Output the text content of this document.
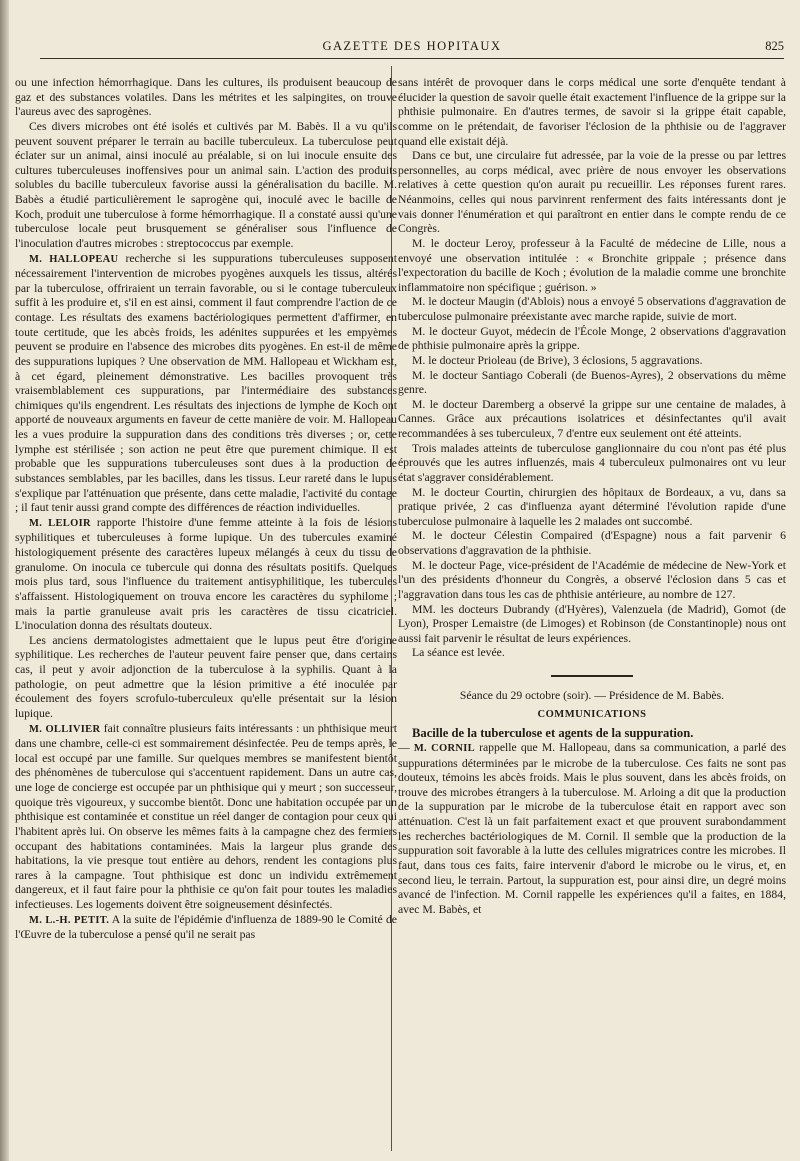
GAZETTE DES HOPITAUX	825

ou une infection hémorrhagique. Dans les cultures, ils produisent beaucoup de gaz et des substances volatiles. Dans les métrites et les salpingites, on trouve l'aureus avec des saprogènes.

Ces divers microbes ont été isolés et cultivés par M. Babès. Il a vu qu'ils peuvent souvent préparer le terrain au bacille tuberculeux. La tuberculose peut éclater sur un animal, ainsi inoculé au préalable, si on lui inocule ensuite des cultures tuberculeuses inoffensives pour un animal sain. L'action des produits solubles du bacille tuberculeux favorise aussi la généralisation du bacille. M. Babès a étudié particulièrement le saprogène qui, inoculé avec le bacille de Koch, produit une tuberculose à forme hémorrhagique. Il a constaté aussi qu'une tuberculose locale peut brusquement se généraliser sous l'influence de l'inoculation d'autres microbes : streptococcus par exemple.

M. HALLOPEAU recherche si les suppurations tuberculeuses supposent nécessairement l'intervention de microbes pyogènes auxquels les tissus, altérés par la tuberculose, offriraient un terrain favorable, ou si le contage tuberculeux suffit à les produire et, s'il en est ainsi, comment il faut comprendre l'action de ce contage. Les résultats des examens bactériologiques permettent d'affirmer, en toute certitude, que les abcès froids, les adénites suppurées et les empyèmes peuvent se produire en l'absence des microbes dits pyogènes. En est-il de même des suppurations lupiques ? Une observation de MM. Hallopeau et Wickham est, à cet égard, pleinement démonstrative. Les bacilles provoquent très vraisemblablement ces suppurations, par l'intermédiaire des substances chimiques qu'ils engendrent. Les résultats des injections de lymphe de Koch ont apporté de nouveaux arguments en faveur de cette manière de voir. M. Hallopeau les a vues produire la suppuration dans des conditions très diverses ; or, cette lymphe est stérilisée ; son action ne peut être que purement chimique. Il est probable que les suppurations tuberculeuses sont dues à la production de substances semblables, par les bacilles, dans les tissus. Leur rareté dans le lupus s'explique par l'atténuation que présente, dans cette maladie, l'activité du contage ; il faut tenir aussi grand compte des différences de réaction individuelles.

M. LELOIR rapporte l'histoire d'une femme atteinte à la fois de lésions syphilitiques et tuberculeuses à forme lupique. Un des tubercules examiné histologiquement présente des caractères lupeux mélangés à ceux du tissu de granulome. On inocula ce tubercule qui donna des résultats positifs. Quelques mois plus tard, sous l'influence du traitement antisyphilitique, les tubercules s'affaissent. Histologiquement on trouva encore les caractères du syphilome ; mais la partie granuleuse avait pris les caractères de tissu cicatriciel. L'inoculation donna des résultats douteux.

Les anciens dermatologistes admettaient que le lupus peut être d'origine syphilitique. Les recherches de l'auteur peuvent faire penser que, dans certains cas, il peut y avoir adjonction de la tuberculose à la syphilis. Quant à la pathologie, on peut admettre que la lésion primitive a été inoculée par écoulement des foyers scrofulo-tuberculeux qu'elle présentait sur la lésion lupique.

M. OLLIVIER fait connaître plusieurs faits intéressants : un phthisique meurt dans une chambre, celle-ci est sommairement désinfectée. Peu de temps après, le local est occupé par une famille. Sur quelques membres se manifestent bientôt des phénomènes de tuberculose qui s'accentuent rapidement. Dans un autre cas, une loge de concierge est occupée par un phthisique qui y meurt ; son successeur, quoique très vigoureux, y succombe bientôt. Donc une habitation occupée par un phthisique est contaminée et constitue un réel danger de contagion pour ceux qui l'habitent après lui. On observe les mêmes faits à la campagne chez des fermiers occupant des habitations contaminées. Mais la largeur plus grande des habitations, la vie presque tout entière au dehors, rendent les contagions plus rares à la campagne. Tout phthisique est donc un individu extrêmement dangereux, et il faut faire pour la phthisie ce qu'on fait pour toutes les maladies infectieuses. Les logements doivent être soigneusement désinfectés.

M. L.-H. PETIT. A la suite de l'épidémie d'influenza de 1889-90 le Comité de l'Œuvre de la tuberculose a pensé qu'il ne serait pas

sans intérêt de provoquer dans le corps médical une sorte d'enquête tendant à élucider la question de savoir quelle était exactement l'influence de la grippe sur la phthisie pulmonaire. En d'autres termes, de savoir si la grippe était capable, comme on le prétendait, de favoriser l'éclosion de la phthisie ou de l'aggraver quand elle existait déjà.

Dans ce but, une circulaire fut adressée, par la voie de la presse ou par lettres personnelles, au corps médical, avec prière de nous envoyer les observations relatives à cette question qu'on aurait pu recueillir. Les réponses furent rares. Néanmoins, celles qui nous parvinrent renferment des faits intéressants dont je vais donner l'énumération et qui paraîtront en entier dans le compte rendu de ce Congrès.

M. le docteur Leroy, professeur à la Faculté de médecine de Lille, nous a envoyé une observation intitulée : « Bronchite grippale ; présence dans l'expectoration du bacille de Koch ; évolution de la maladie comme une bronchite inflammatoire non spécifique ; guérison. »

M. le docteur Maugin (d'Ablois) nous a envoyé 5 observations d'aggravation de tuberculose pulmonaire préexistante avec marche rapide, suivie de mort.

M. le docteur Guyot, médecin de l'École Monge, 2 observations d'aggravation de phthisie pulmonaire après la grippe.

M. le docteur Prioleau (de Brive), 3 éclosions, 5 aggravations.

M. le docteur Santiago Coberali (de Buenos-Ayres), 2 observations du même genre.

M. le docteur Daremberg a observé la grippe sur une centaine de malades, à Cannes. Grâce aux précautions isolatrices et désinfectantes qu'il avait recommandées à ses tuberculeux, 7 d'entre eux seulement ont été atteints.

Trois malades atteints de tuberculose ganglionnaire du cou n'ont pas été plus éprouvés que les autres influenzés, mais 4 tuberculeux pulmonaires ont vu leur état s'aggraver considérablement.

M. le docteur Courtin, chirurgien des hôpitaux de Bordeaux, a vu, dans sa pratique privée, 2 cas d'influenza ayant déterminé l'évolution rapide d'une tuberculose pulmonaire à laquelle les 2 malades ont succombé.

M. le docteur Célestin Compaired (d'Espagne) nous a fait parvenir 6 observations d'aggravation de la phthisie.

M. le docteur Page, vice-président de l'Académie de médecine de New-York et l'un des présidents d'honneur du Congrès, a observé l'éclosion dans 5 cas et l'aggravation dans tous les cas de phthisie antérieure, au nombre de 127.

MM. les docteurs Dubrandy (d'Hyères), Valenzuela (de Madrid), Gomot (de Lyon), Prosper Lemaistre (de Limoges) et Robinson (de Constantinople) nous ont aussi fait parvenir le résultat de leurs expériences.

La séance est levée.

Séance du 29 octobre (soir). — Présidence de M. Babès.

COMMUNICATIONS

Bacille de la tuberculose et agents de la suppuration.

— M. CORNIL rappelle que M. Hallopeau, dans sa communication, a parlé des suppurations déterminées par le microbe de la tuberculose. Ces faits ne sont pas douteux, témoins les abcès froids. Mais le plus souvent, dans les abcès froids, on trouve des microbes étrangers à la tuberculose. M. Arloing a dit que la production de la suppuration par le microbe de la tuberculose était en rapport avec son atténuation. C'est là un fait parfaitement exact et que prouvent surabondamment les recherches bactériologiques de M. Cornil. Il semble que la production de la suppuration soit favorable à la lutte des cellules migratrices contre les microbes. Il faut, dans tous ces faits, faire intervenir d'abord le microbe ou le virus, et, en second lieu, le terrain. Partout, la suppuration est, pour ainsi dire, un degré moins avancé de l'infection. M. Cornil rappelle les expériences qu'il a faites, en 1884, avec M. Babès, et
